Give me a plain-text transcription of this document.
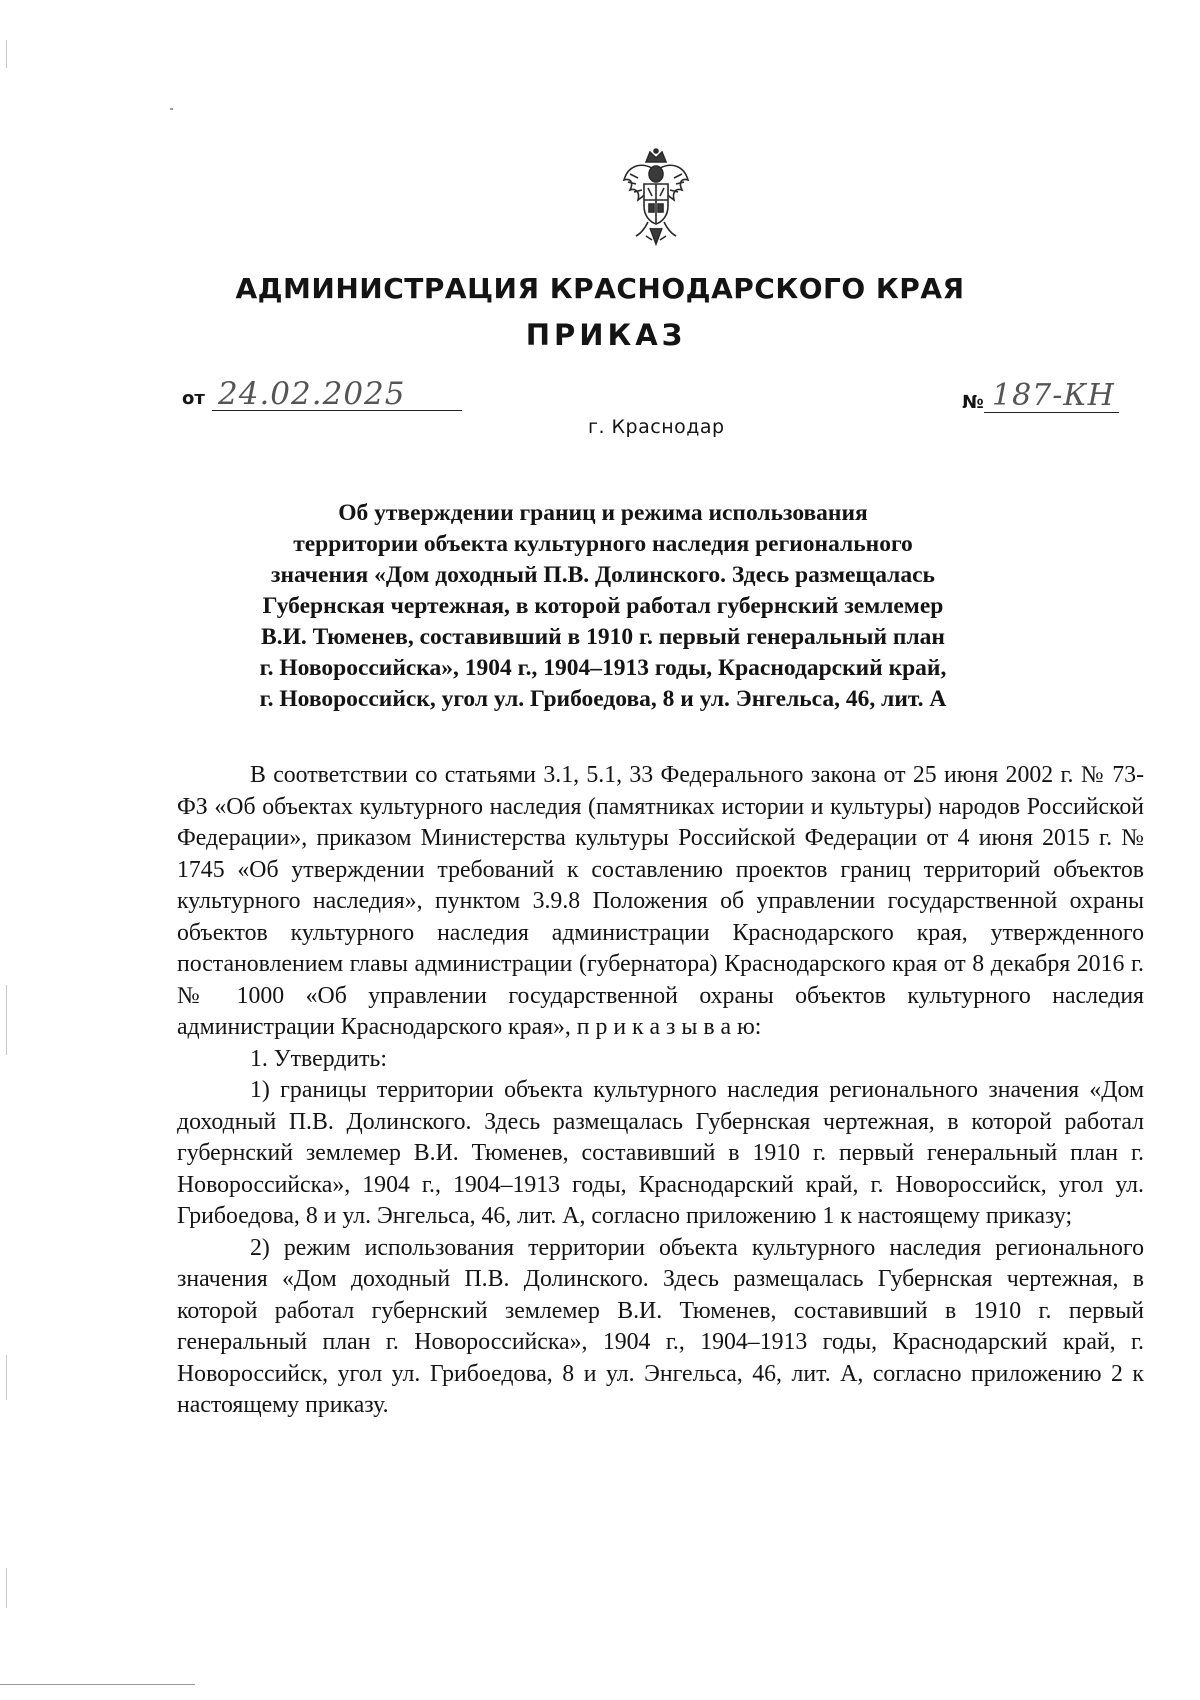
АДМИНИСТРАЦИЯ КРАСНОДАРСКОГО КРАЯ
ПРИКАЗ
от 24.02.2025	№ 187-КН
г. Краснодар
Об утверждении границ и режима использования
территории объекта культурного наследия регионального
значения «Дом доходный П.В. Долинского. Здесь размещалась
Губернская чертежная, в которой работал губернский землемер
В.И. Тюменев, составивший в 1910 г. первый генеральный план
г. Новороссийска», 1904 г., 1904–1913 годы, Краснодарский край,
г. Новороссийск, угол ул. Грибоедова, 8 и ул. Энгельса, 46, лит. А

В соответствии со статьями 3.1, 5.1, 33 Федерального закона от 25 июня 2002 г. № 73-ФЗ «Об объектах культурного наследия (памятниках истории и культуры) народов Российской Федерации», приказом Министерства культуры Российской Федерации от 4 июня 2015 г. № 1745 «Об утверждении требований к составлению проектов границ территорий объектов культурного наследия», пунктом 3.9.8 Положения об управлении государственной охраны объектов культурного наследия администрации Краснодарского края, утвержденного постановлением главы администрации (губернатора) Краснодарского края от 8 декабря 2016 г. № 1000 «Об управлении государственной охраны объектов культурного наследия администрации Краснодарского края», п р и к а з ы в а ю:

1. Утвердить:

1) границы территории объекта культурного наследия регионального значения «Дом доходный П.В. Долинского. Здесь размещалась Губернская чертежная, в которой работал губернский землемер В.И. Тюменев, составивший в 1910 г. первый генеральный план г. Новороссийска», 1904 г., 1904–1913 годы, Краснодарский край, г. Новороссийск, угол ул. Грибоедова, 8 и ул. Энгельса, 46, лит. А, согласно приложению 1 к настоящему приказу;

2) режим использования территории объекта культурного наследия регионального значения «Дом доходный П.В. Долинского. Здесь размещалась Губернская чертежная, в которой работал губернский землемер В.И. Тюменев, составивший в 1910 г. первый генеральный план г. Новороссийска», 1904 г., 1904–1913 годы, Краснодарский край, г. Новороссийск, угол ул. Грибоедова, 8 и ул. Энгельса, 46, лит. А, согласно приложению 2 к настоящему приказу.
